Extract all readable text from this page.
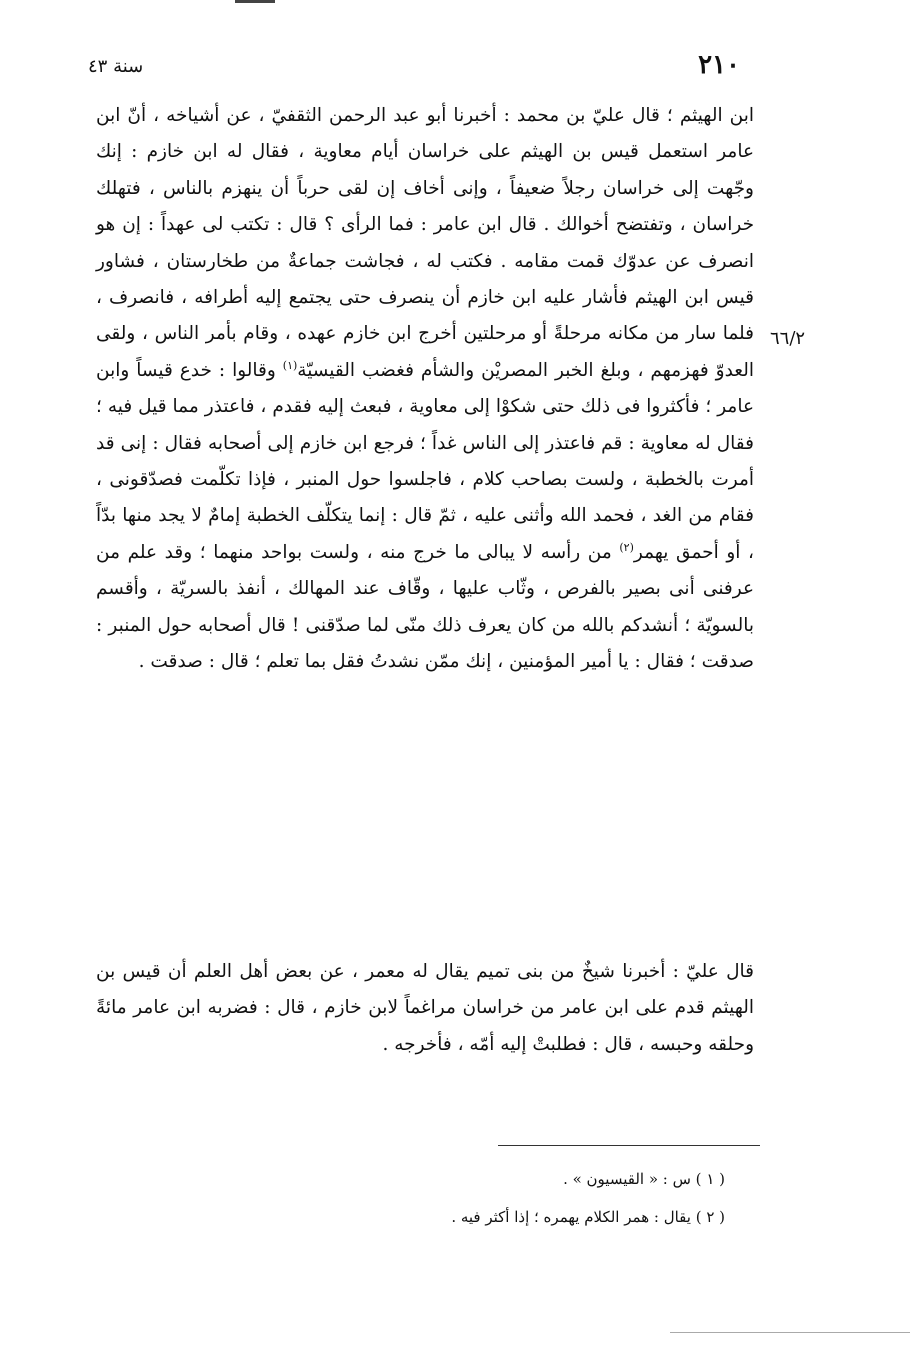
٢١٠
سنة ٤٣
٦٦/٢

ابن الهيثم ؛ قال عليّ بن محمد : أخبرنا أبو عبد الرحمن الثقفيّ ، عن أشياخه ، أنّ ابن عامر استعمل قيس بن الهيثم على خراسان أيام معاوية ، فقال له ابن خازم : إنك وجّهت إلى خراسان رجلاً ضعيفاً ، وإنى أخاف إن لقى حرباً أن ينهزم بالناس ، فتهلك خراسان ، وتفتضح أخوالك . قال ابن عامر : فما الرأى ؟ قال : تكتب لى عهداً : إن هو انصرف عن عدوّك قمت مقامه . فكتب له ، فجاشت جماعةٌ من طخارستان ، فشاور قيس ابن الهيثم فأشار عليه ابن خازم أن ينصرف حتى يجتمع إليه أطرافه ، فانصرف ، فلما سار من مكانه مرحلةً أو مرحلتين أخرج ابن خازم عهده ، وقام بأمر الناس ، ولقى العدوّ فهزمهم ، وبلغ الخبر المصريْن والشأم فغضب القيسيّة$^{(١)}$ وقالوا : خدع قيساً وابن عامر ؛ فأكثروا فى ذلك حتى شكوْا إلى معاوية ، فبعث إليه فقدم ، فاعتذر مما قيل فيه ؛ فقال له معاوية : قم فاعتذر إلى الناس غداً ؛ فرجع ابن خازم إلى أصحابه فقال : إنى قد أمرت بالخطبة ، ولست بصاحب كلام ، فاجلسوا حول المنبر ، فإذا تكلّمت فصدّقونى ، فقام من الغد ، فحمد الله وأثنى عليه ، ثمّ قال : إنما يتكلّف الخطبة إمامٌ لا يجد منها بدّاً ، أو أحمق يهمر$^{(٢)}$ من رأسه لا يبالى ما خرج منه ، ولست بواحد منهما ؛ وقد علم من عرفنى أنى بصير بالفرص ، وثّاب عليها ، وقّاف عند المهالك ، أنفذ بالسريّة ، وأقسم بالسويّة ؛ أنشدكم بالله من كان يعرف ذلك منّى لما صدّقنى ! قال أصحابه حول المنبر : صدقت ؛ فقال : يا أمير المؤمنين ، إنك ممّن نشدتُ فقل بما تعلم ؛ قال : صدقت .

قال عليّ : أخبرنا شيخٌ من بنى تميم يقال له معمر ، عن بعض أهل العلم أن قيس بن الهيثم قدم على ابن عامر من خراسان مراغماً لابن خازم ، قال : فضربه ابن عامر مائةً وحلقه وحبسه ، قال : فطلبتْ إليه أمّه ، فأخرجه .

( ١ ) س : « القيسيون » .

( ٢ ) يقال : همر الكلام يهمره ؛ إذا أكثر فيه .
